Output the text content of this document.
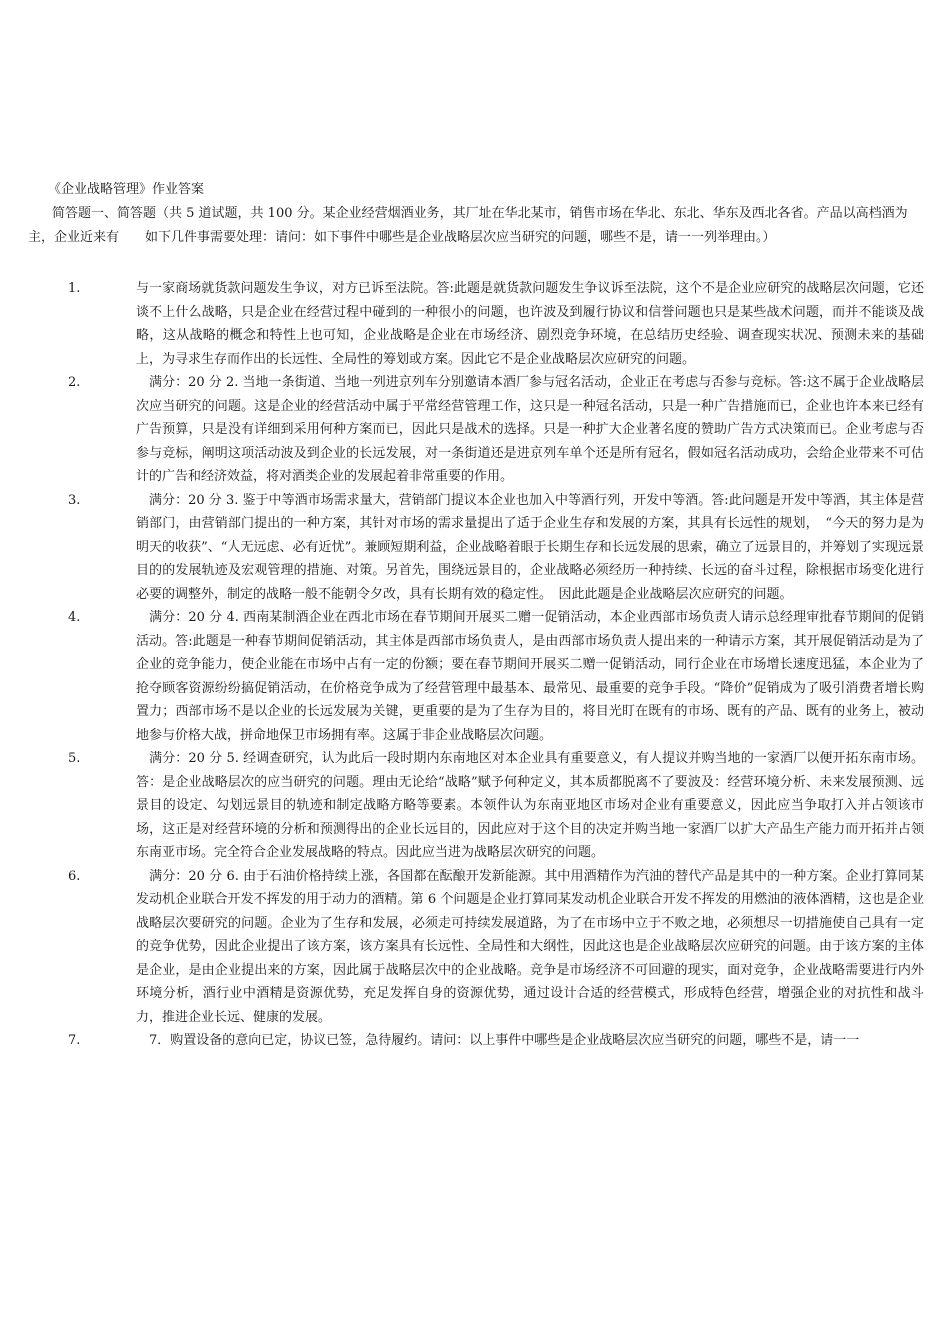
《企业战略管理》作业答案
简答题一、简答题（共 5 道试题，共 100 分。某企业经营烟酒业务，其厂址在华北某市，销售市场在华北、东北、华东及西北各省。产品以高档酒为主，企业近来有　　如下几件事需要处理：请问：如下事件中哪些是企业战略层次应当研究的问题，哪些不是，请一一列举理由。）
1.	与一家商场就货款问题发生争议，对方已诉至法院。答:此题是就货款问题发生争议诉至法院，这个不是企业应研究的战略层次问题，它还谈不上什么战略，只是企业在经营过程中碰到的一种很小的问题，也许波及到履行协议和信誉问题也只是某些战术问题，而并不能谈及战略，这从战略的概念和特性上也可知，企业战略是企业在市场经济、剧烈竞争环境，在总结历史经验、调查现实状况、预测未来的基础上，为寻求生存而作出的长远性、全局性的筹划或方案。因此它不是企业战略层次应研究的问题。
2.	　满分：20 分 2. 当地一条街道、当地一列进京列车分别邀请本酒厂参与冠名活动，企业正在考虑与否参与竞标。答:这不属于企业战略层次应当研究的问题。这是企业的经营活动中属于平常经营管理工作，这只是一种冠名活动，只是一种广告措施而已，企业也许本来已经有广告预算，只是没有详细到采用何种方案而已，因此只是战术的选择。只是一种扩大企业著名度的赞助广告方式决策而已。企业考虑与否参与竞标，阐明这项活动波及到企业的长远发展，对一条街道还是进京列车单个还是所有冠名，假如冠名活动成功，会给企业带来不可估计的广告和经济效益，将对酒类企业的发展起着非常重要的作用。
3.	　满分：20 分 3. 鉴于中等酒市场需求量大，营销部门提议本企业也加入中等酒行列，开发中等酒。答:此问题是开发中等酒，其主体是营销部门，由营销部门提出的一种方案，其针对市场的需求量提出了适于企业生存和发展的方案，其具有长远性的规划，　“今天的努力是为明天的收获”、“人无远虑、必有近忧”。兼顾短期利益，企业战略着眼于长期生存和长远发展的思索，确立了远景目的，并筹划了实现远景目的的发展轨迹及宏观管理的措施、对策。另首先，围绕远景目的，企业战略必须经历一种持续、长远的奋斗过程，除根据市场变化进行必要的调整外，制定的战略一般不能朝令夕改，具有长期有效的稳定性。　因此此题是企业战略层次应研究的问题。
4.	　满分：20 分 4. 西南某制酒企业在西北市场在春节期间开展买二赠一促销活动，本企业西部市场负责人请示总经理审批春节期间的促销活动。答:此题是一种春节期间促销活动，其主体是西部市场负责人，是由西部市场负责人提出来的一种请示方案，其开展促销活动是为了企业的竞争能力，使企业能在市场中占有一定的份额；要在春节期间开展买二赠一促销活动，同行企业在市场增长速度迅猛，本企业为了抢夺顾客资源纷纷搞促销活动，在价格竞争成为了经营管理中最基本、最常见、最重要的竞争手段。“降价”促销成为了吸引消费者增长购置力；西部市场不是以企业的长远发展为关键，更重要的是为了生存为目的，将目光盯在既有的市场、既有的产品、既有的业务上，被动地参与价格大战，拼命地保卫市场拥有率。这属于非企业战略层次问题。
5.	　满分：20 分 5. 经调查研究，认为此后一段时期内东南地区对本企业具有重要意义，有人提议并购当地的一家酒厂以便开拓东南市场。答：是企业战略层次的应当研究的问题。理由无论给“战略”赋予何种定义，其本质都脱离不了要波及：经营环境分析、未来发展预测、远景目的设定、勾划远景目的轨迹和制定战略方略等要素。本领件认为东南亚地区市场对企业有重要意义，因此应当争取打入并占领该市场，这正是对经营环境的分析和预测得出的企业长远目的，因此应对于这个目的决定并购当地一家酒厂以扩大产品生产能力而开拓并占领东南亚市场。完全符合企业发展战略的特点。因此应当进为战略层次研究的问题。
6.	　满分：20 分 6. 由于石油价格持续上涨，各国都在酝酿开发新能源。其中用酒精作为汽油的替代产品是其中的一种方案。企业打算同某发动机企业联合开发不挥发的用于动力的酒精。第 6 个问题是企业打算同某发动机企业联合开发不挥发的用燃油的液体酒精，这也是企业战略层次要研究的问题。企业为了生存和发展，必须走可持续发展道路，为了在市场中立于不败之地，必须想尽一切措施使自己具有一定的竞争优势，因此企业提出了该方案，该方案具有长远性、全局性和大纲性，因此这也是企业战略层次应研究的问题。由于该方案的主体是企业，是由企业提出来的方案，因此属于战略层次中的企业战略。竞争是市场经济不可回避的现实，面对竞争，企业战略需要进行内外环境分析，酒行业中酒精是资源优势，充足发挥自身的资源优势，通过设计合适的经营模式，形成特色经营，增强企业的对抗性和战斗力，推进企业长远、健康的发展。
7.	　7．购置设备的意向已定，协议已签，急待履约。请问：以上事件中哪些是企业战略层次应当研究的问题，哪些不是，请一一
